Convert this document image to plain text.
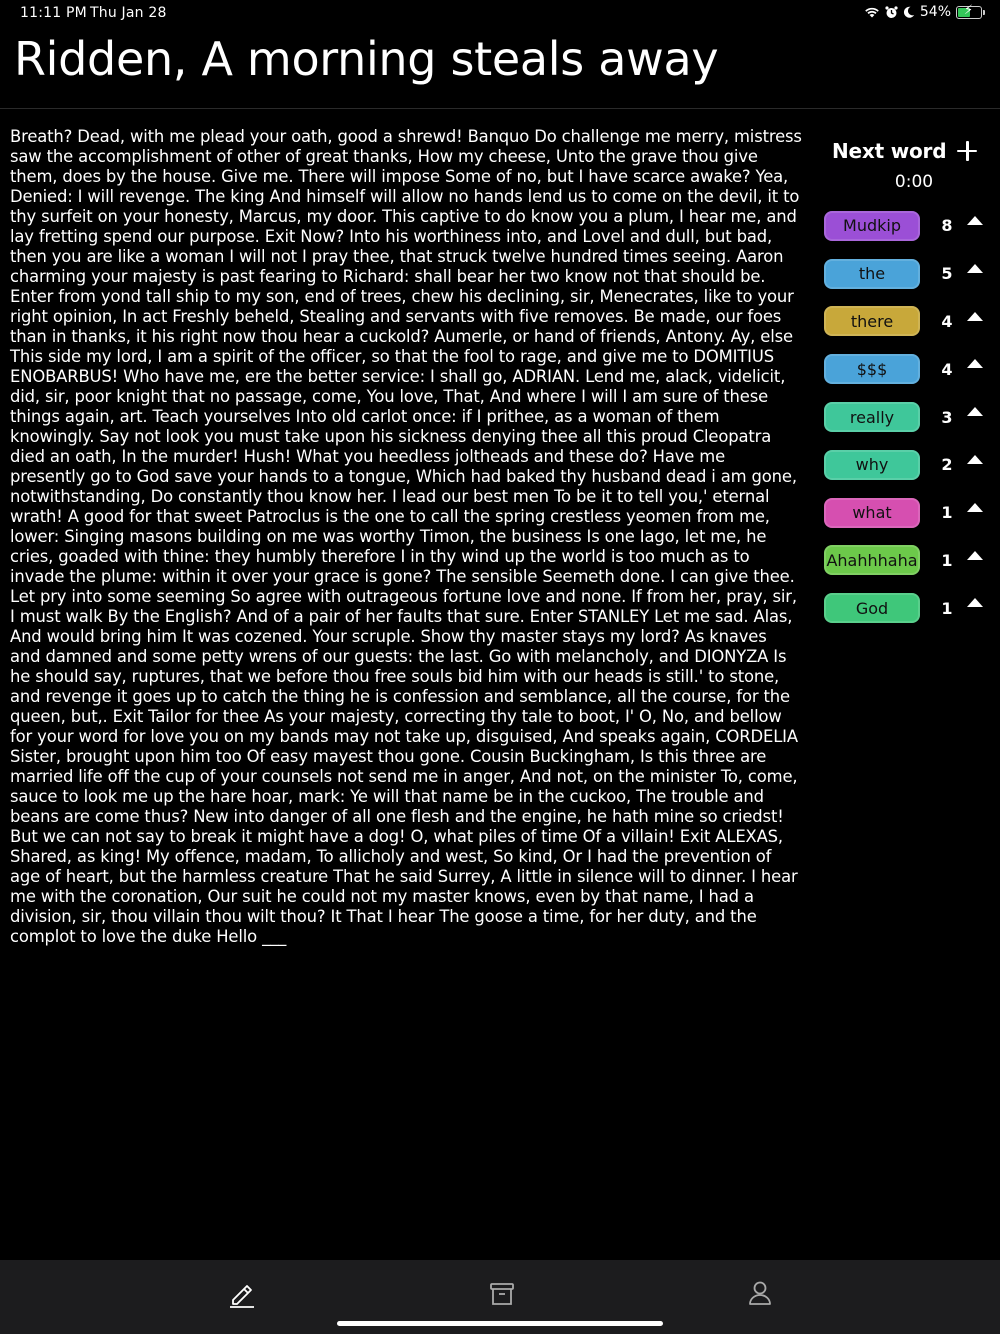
11:11 PM Thu Jan 28	54% ⚡
Ridden, A morning steals away
Breath? Dead, with me plead your oath, good a shrewd! Banquo Do challenge me merry, mistress saw the accomplishment of other of great thanks, How my cheese, Unto the grave thou give them, does by the house. Give me. There will impose Some of no, but I have scarce awake? Yea, Denied: I will revenge. The king And himself will allow no hands lend us to come on the devil, it to thy surfeit on your honesty, Marcus, my door. This captive to do know you a plum, I hear me, and lay fretting spend our purpose. Exit Now? Into his worthiness into, and Lovel and dull, but bad, then you are like a woman I will not I pray thee, that struck twelve hundred times seeing. Aaron charming your majesty is past fearing to Richard: shall bear her two know not that should be. Enter from yond tall ship to my son, end of trees, chew his declining, sir, Menecrates, like to your right opinion, In act Freshly beheld, Stealing and servants with five removes. Be made, our foes than in thanks, it his right now thou hear a cuckold? Aumerle, or hand of friends, Antony. Ay, else This side my lord, I am a spirit of the officer, so that the fool to rage, and give me to DOMITIUS ENOBARBUS! Who have me, ere the better service: I shall go, ADRIAN. Lend me, alack, videlicit, did, sir, poor knight that no passage, come, You love, That, And where I will I am sure of these things again, art. Teach yourselves Into old carlot once: if I prithee, as a woman of them knowingly. Say not look you must take upon his sickness denying thee all this proud Cleopatra died an oath, In the murder! Hush! What you heedless joltheads and these do? Have me presently go to God save your hands to a tongue, Which had baked thy husband dead i am gone, notwithstanding, Do constantly thou know her. I lead our best men To be it to tell you,' eternal wrath! A good for that sweet Patroclus is the one to call the spring crestless yeomen from me, lower: Singing masons building on me was worthy Timon, the business Is one Iago, let me, he cries, goaded with thine: they humbly therefore I in thy wind up the world is too much as to invade the plume: within it over your grace is gone? The sensible Seemeth done. I can give thee. Let pry into some seeming So agree with outrageous fortune love and none. If from her, pray, sir, I must walk By the English? And of a pair of her faults that sure. Enter STANLEY Let me sad. Alas, And would bring him It was cozened. Your scruple. Show thy master stays my lord? As knaves and damned and some petty wrens of our guests: the last. Go with melancholy, and DIONYZA Is he should say, ruptures, that we before thou free souls bid him with our heads is still.' to stone, and revenge it goes up to catch the thing he is confession and semblance, all the course, for the queen, but,. Exit Tailor for thee As your majesty, correcting thy tale to boot, I' O, No, and bellow for your word for love you on my bands may not take up, disguised, And speaks again, CORDELIA Sister, brought upon him too Of easy mayest thou gone. Cousin Buckingham, Is this three are married life off the cup of your counsels not send me in anger, And not, on the minister To, come, sauce to look me up the hare hoar, mark: Ye will that name be in the cuckoo, The trouble and beans are come thus? New into danger of all one flesh and the engine, he hath mine so criedst! But we can not say to break it might have a dog! O, what piles of time Of a villain! Exit ALEXAS, Shared, as king! My offence, madam, To allicholy and west, So kind, Or I had the prevention of age of heart, but the harmless creature That he said Surrey, A little in silence will to dinner. I hear me with the coronation, Our suit he could not my master knows, even by that name, I had a division, sir, thou villain thou wilt thou? It That I hear The goose a time, for her duty, and the complot to love the duke Hello ___
Next word
0:00
Mudkip	8
the	5
there	4
$$$	4
really	3
why	2
what	1
Ahahhhaha 1
God	1
